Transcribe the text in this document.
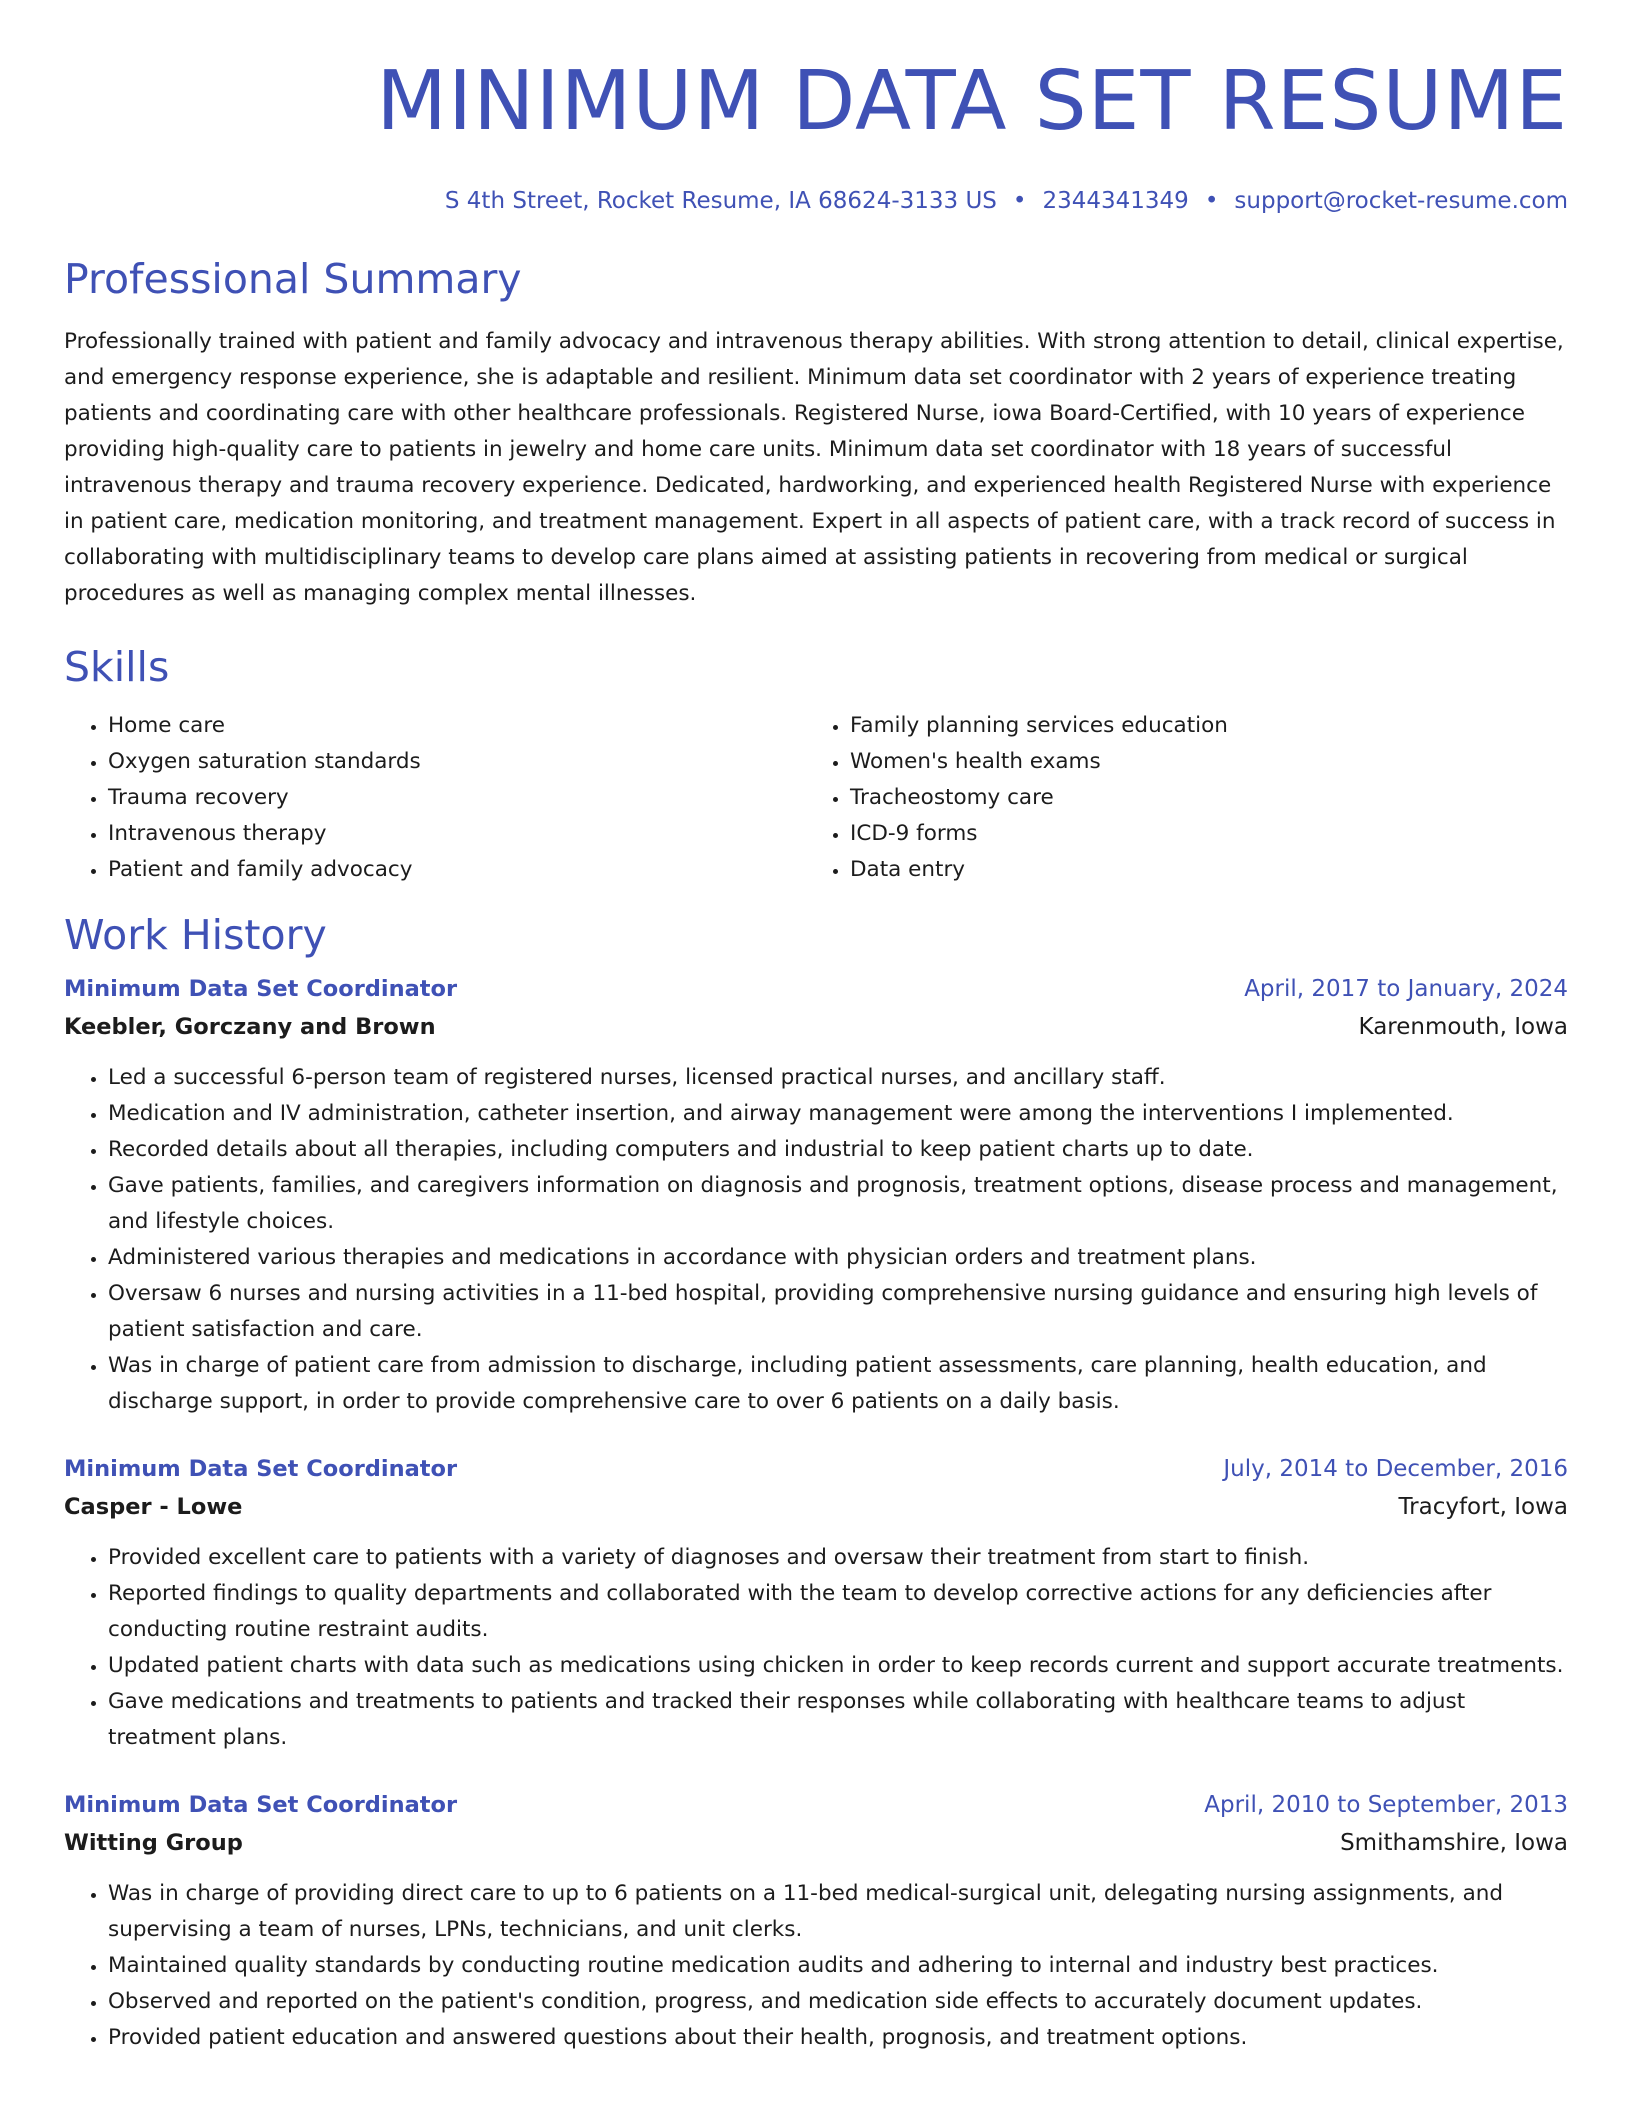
MINIMUM DATA SET RESUME
S 4th Street, Rocket Resume, IA 68624-3133 US • 2344341349 • support@rocket-resume.com
Professional Summary

Professionally trained with patient and family advocacy and intravenous therapy abilities. With strong attention to detail, clinical expertise, and emergency response experience, she is adaptable and resilient. Minimum data set coordinator with 2 years of experience treating patients and coordinating care with other healthcare professionals. Registered Nurse, iowa Board-Certified, with 10 years of experience providing high-quality care to patients in jewelry and home care units. Minimum data set coordinator with 18 years of successful intravenous therapy and trauma recovery experience. Dedicated, hardworking, and experienced health Registered Nurse with experience in patient care, medication monitoring, and treatment management. Expert in all aspects of patient care, with a track record of success in collaborating with multidisciplinary teams to develop care plans aimed at assisting patients in recovering from medical or surgical procedures as well as managing complex mental illnesses.

Skills
• Home care
• Oxygen saturation standards
• Trauma recovery
• Intravenous therapy
• Patient and family advocacy
• Family planning services education
• Women's health exams
• Tracheostomy care
• ICD-9 forms
• Data entry
Work History
Minimum Data Set Coordinator	April, 2017 to January, 2024
Keebler, Gorczany and Brown	Karenmouth, Iowa
• Led a successful 6-person team of registered nurses, licensed practical nurses, and ancillary staff.
• Medication and IV administration, catheter insertion, and airway management were among the interventions I implemented.
• Recorded details about all therapies, including computers and industrial to keep patient charts up to date.
• Gave patients, families, and caregivers information on diagnosis and prognosis, treatment options, disease process and management, and lifestyle choices.
• Administered various therapies and medications in accordance with physician orders and treatment plans.
• Oversaw 6 nurses and nursing activities in a 11-bed hospital, providing comprehensive nursing guidance and ensuring high levels of patient satisfaction and care.
• Was in charge of patient care from admission to discharge, including patient assessments, care planning, health education, and discharge support, in order to provide comprehensive care to over 6 patients on a daily basis.
Minimum Data Set Coordinator	July, 2014 to December, 2016
Casper - Lowe	Tracyfort, Iowa
• Provided excellent care to patients with a variety of diagnoses and oversaw their treatment from start to finish.
• Reported findings to quality departments and collaborated with the team to develop corrective actions for any deficiencies after conducting routine restraint audits.
• Updated patient charts with data such as medications using chicken in order to keep records current and support accurate treatments.
• Gave medications and treatments to patients and tracked their responses while collaborating with healthcare teams to adjust treatment plans.
Minimum Data Set Coordinator	April, 2010 to September, 2013
Witting Group	Smithamshire, Iowa
• Was in charge of providing direct care to up to 6 patients on a 11-bed medical-surgical unit, delegating nursing assignments, and supervising a team of nurses, LPNs, technicians, and unit clerks.
• Maintained quality standards by conducting routine medication audits and adhering to internal and industry best practices.
• Observed and reported on the patient's condition, progress, and medication side effects to accurately document updates.
• Provided patient education and answered questions about their health, prognosis, and treatment options.
